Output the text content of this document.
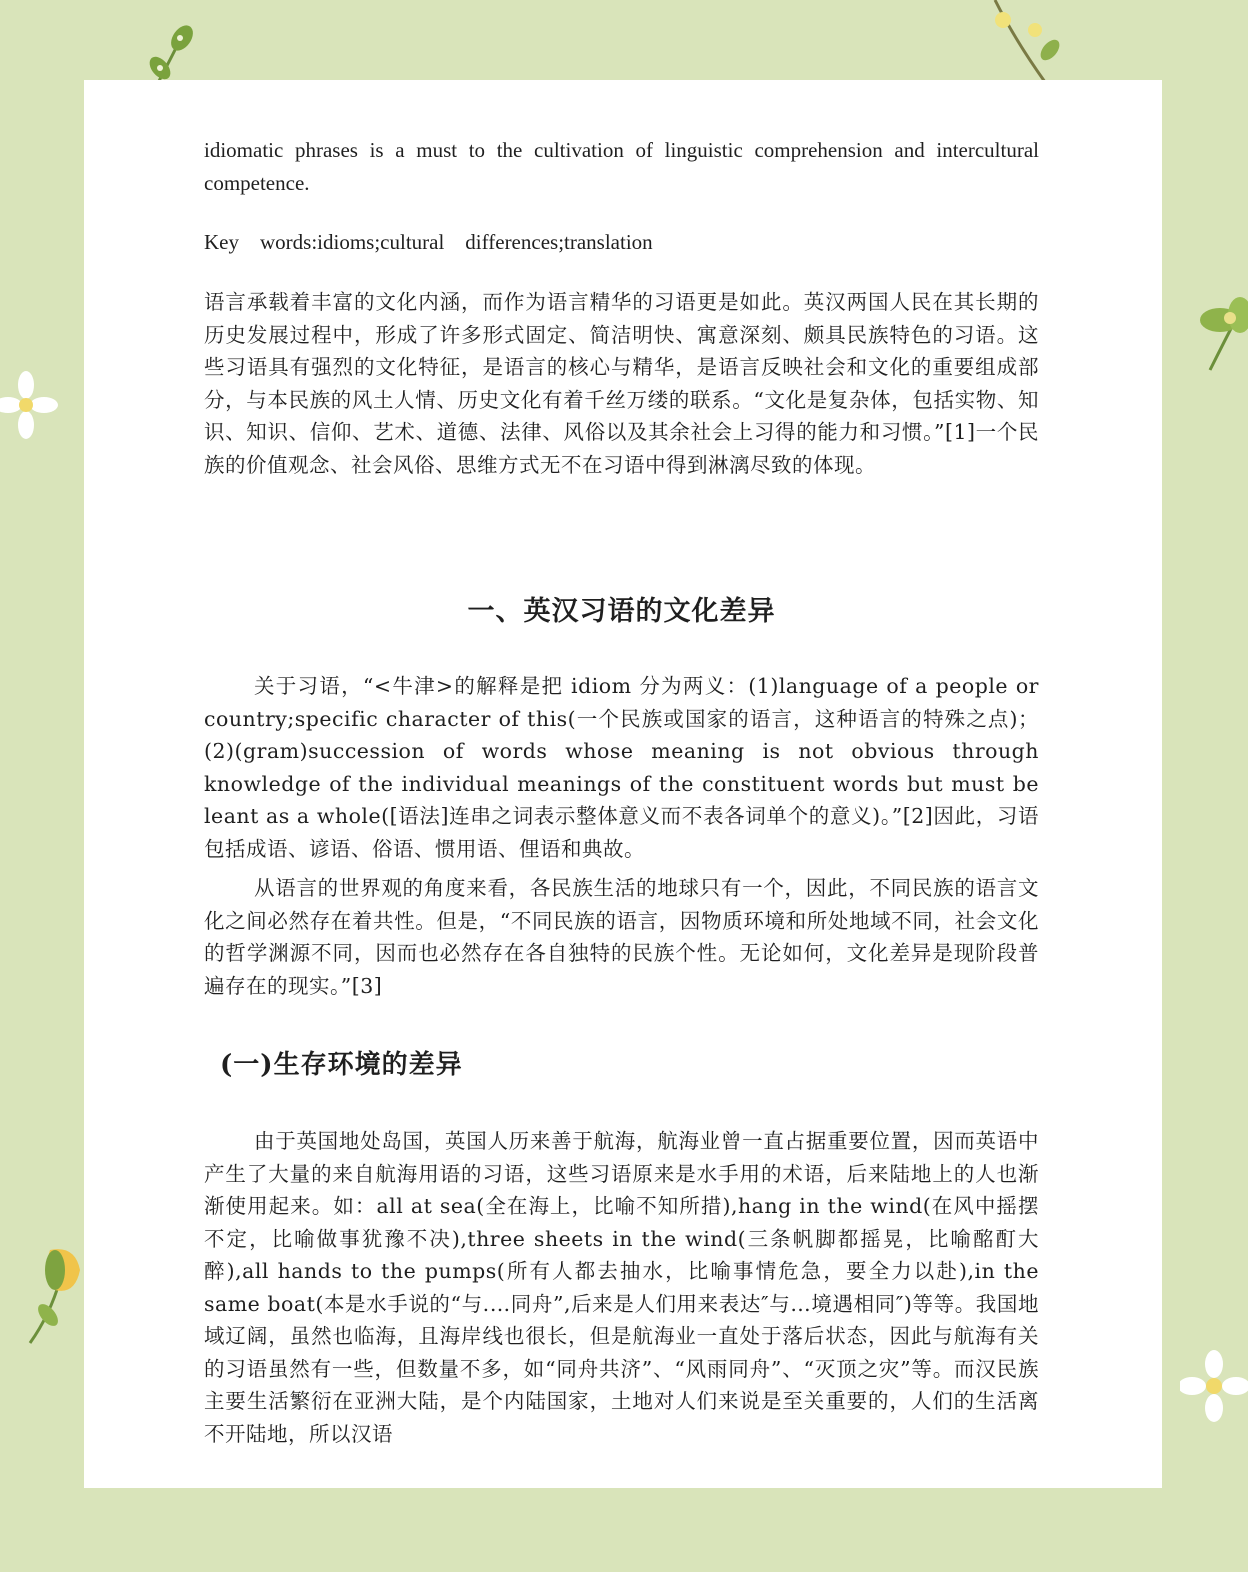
idiomatic phrases is a must to the cultivation of linguistic comprehension and intercultural competence.

Key    words:idioms;cultural    differences;translation

语言承载着丰富的文化内涵，而作为语言精华的习语更是如此。英汉两国人民在其长期的历史发展过程中，形成了许多形式固定、简洁明快、寓意深刻、颇具民族特色的习语。这些习语具有强烈的文化特征，是语言的核心与精华，是语言反映社会和文化的重要组成部分，与本民族的风土人情、历史文化有着千丝万缕的联系。“文化是复杂体，包括实物、知识、知识、信仰、艺术、道德、法律、风俗以及其余社会上习得的能力和习惯。”[1]一个民族的价值观念、社会风俗、思维方式无不在习语中得到淋漓尽致的体现。

一、英汉习语的文化差异

关于习语，“<牛津>的解释是把 idiom 分为两义：(1)language of a people or country;specific character of this(一个民族或国家的语言，这种语言的特殊之点)；(2)(gram)succession of words whose meaning is not obvious through knowledge of the individual meanings of the constituent words but must be leant as a whole([语法]连串之词表示整体意义而不表各词单个的意义)。”[2]因此，习语包括成语、谚语、俗语、惯用语、俚语和典故。

从语言的世界观的角度来看，各民族生活的地球只有一个，因此，不同民族的语言文化之间必然存在着共性。但是，“不同民族的语言，因物质环境和所处地域不同，社会文化的哲学渊源不同，因而也必然存在各自独特的民族个性。无论如何，文化差异是现阶段普遍存在的现实。”[3]

(一)生存环境的差异

由于英国地处岛国，英国人历来善于航海，航海业曾一直占据重要位置，因而英语中产生了大量的来自航海用语的习语，这些习语原来是水手用的术语，后来陆地上的人也渐渐使用起来。如：all at sea(全在海上，比喻不知所措),hang in the wind(在风中摇摆不定，比喻做事犹豫不决),three sheets in the wind(三条帆脚都摇晃，比喻酩酊大醉),all hands to the pumps(所有人都去抽水，比喻事情危急，要全力以赴),in the same boat(本是水手说的“与.…同舟”,后来是人们用来表达″与…境遇相同″)等等。我国地域辽阔，虽然也临海，且海岸线也很长，但是航海业一直处于落后状态，因此与航海有关的习语虽然有一些，但数量不多，如“同舟共济”、“风雨同舟”、“灭顶之灾”等。而汉民族主要生活繁衍在亚洲大陆，是个内陆国家，土地对人们来说是至关重要的，人们的生活离不开陆地，所以汉语
